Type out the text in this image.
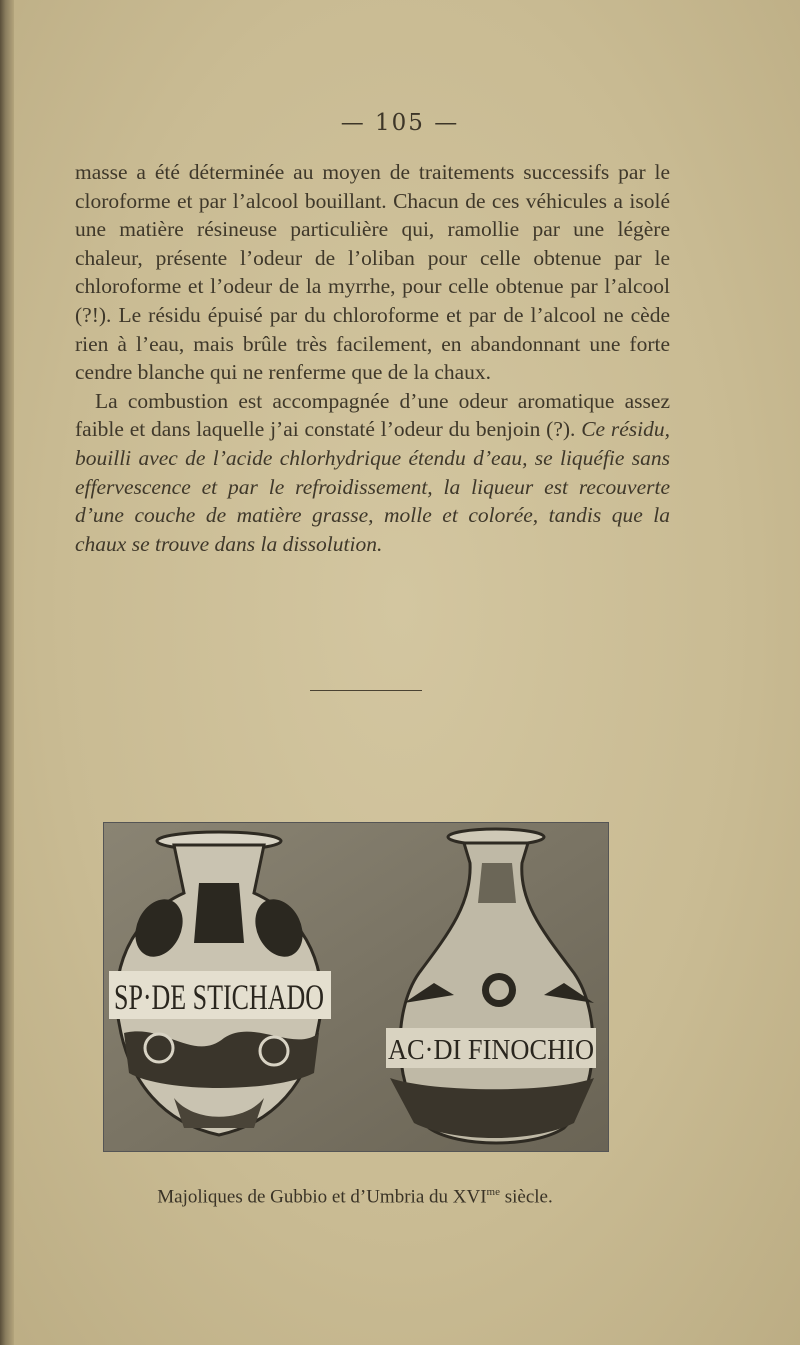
— 105 —

masse a été déterminée au moyen de traitements successifs par le cloroforme et par l’alcool bouillant. Chacun de ces véhicules a isolé une matière résineuse particulière qui, ramollie par une légère chaleur, présente l’odeur de l’oliban pour celle obtenue par le chloroforme et l’odeur de la myrrhe, pour celle obtenue par l’alcool (?!). Le résidu épuisé par du chloroforme et par de l’alcool ne cède rien à l’eau, mais brûle très facilement, en abandonnant une forte cendre blanche qui ne renferme que de la chaux.

La combustion est accompagnée d’une odeur aromatique assez faible et dans laquelle j’ai constaté l’odeur du benjoin (?). Ce résidu, bouilli avec de l’acide chlorhydrique étendu d’eau, se liquéfie sans effervescence et par le refroidissement, la liqueur est recouverte d’une couche de matière grasse, molle et colorée, tandis que la chaux se trouve dans la dissolution.

SP·DE STICHADO
AC·DI FINOCHIO
Majoliques de Gubbio et d’Umbria du $XVI^{me}$ siècle.
